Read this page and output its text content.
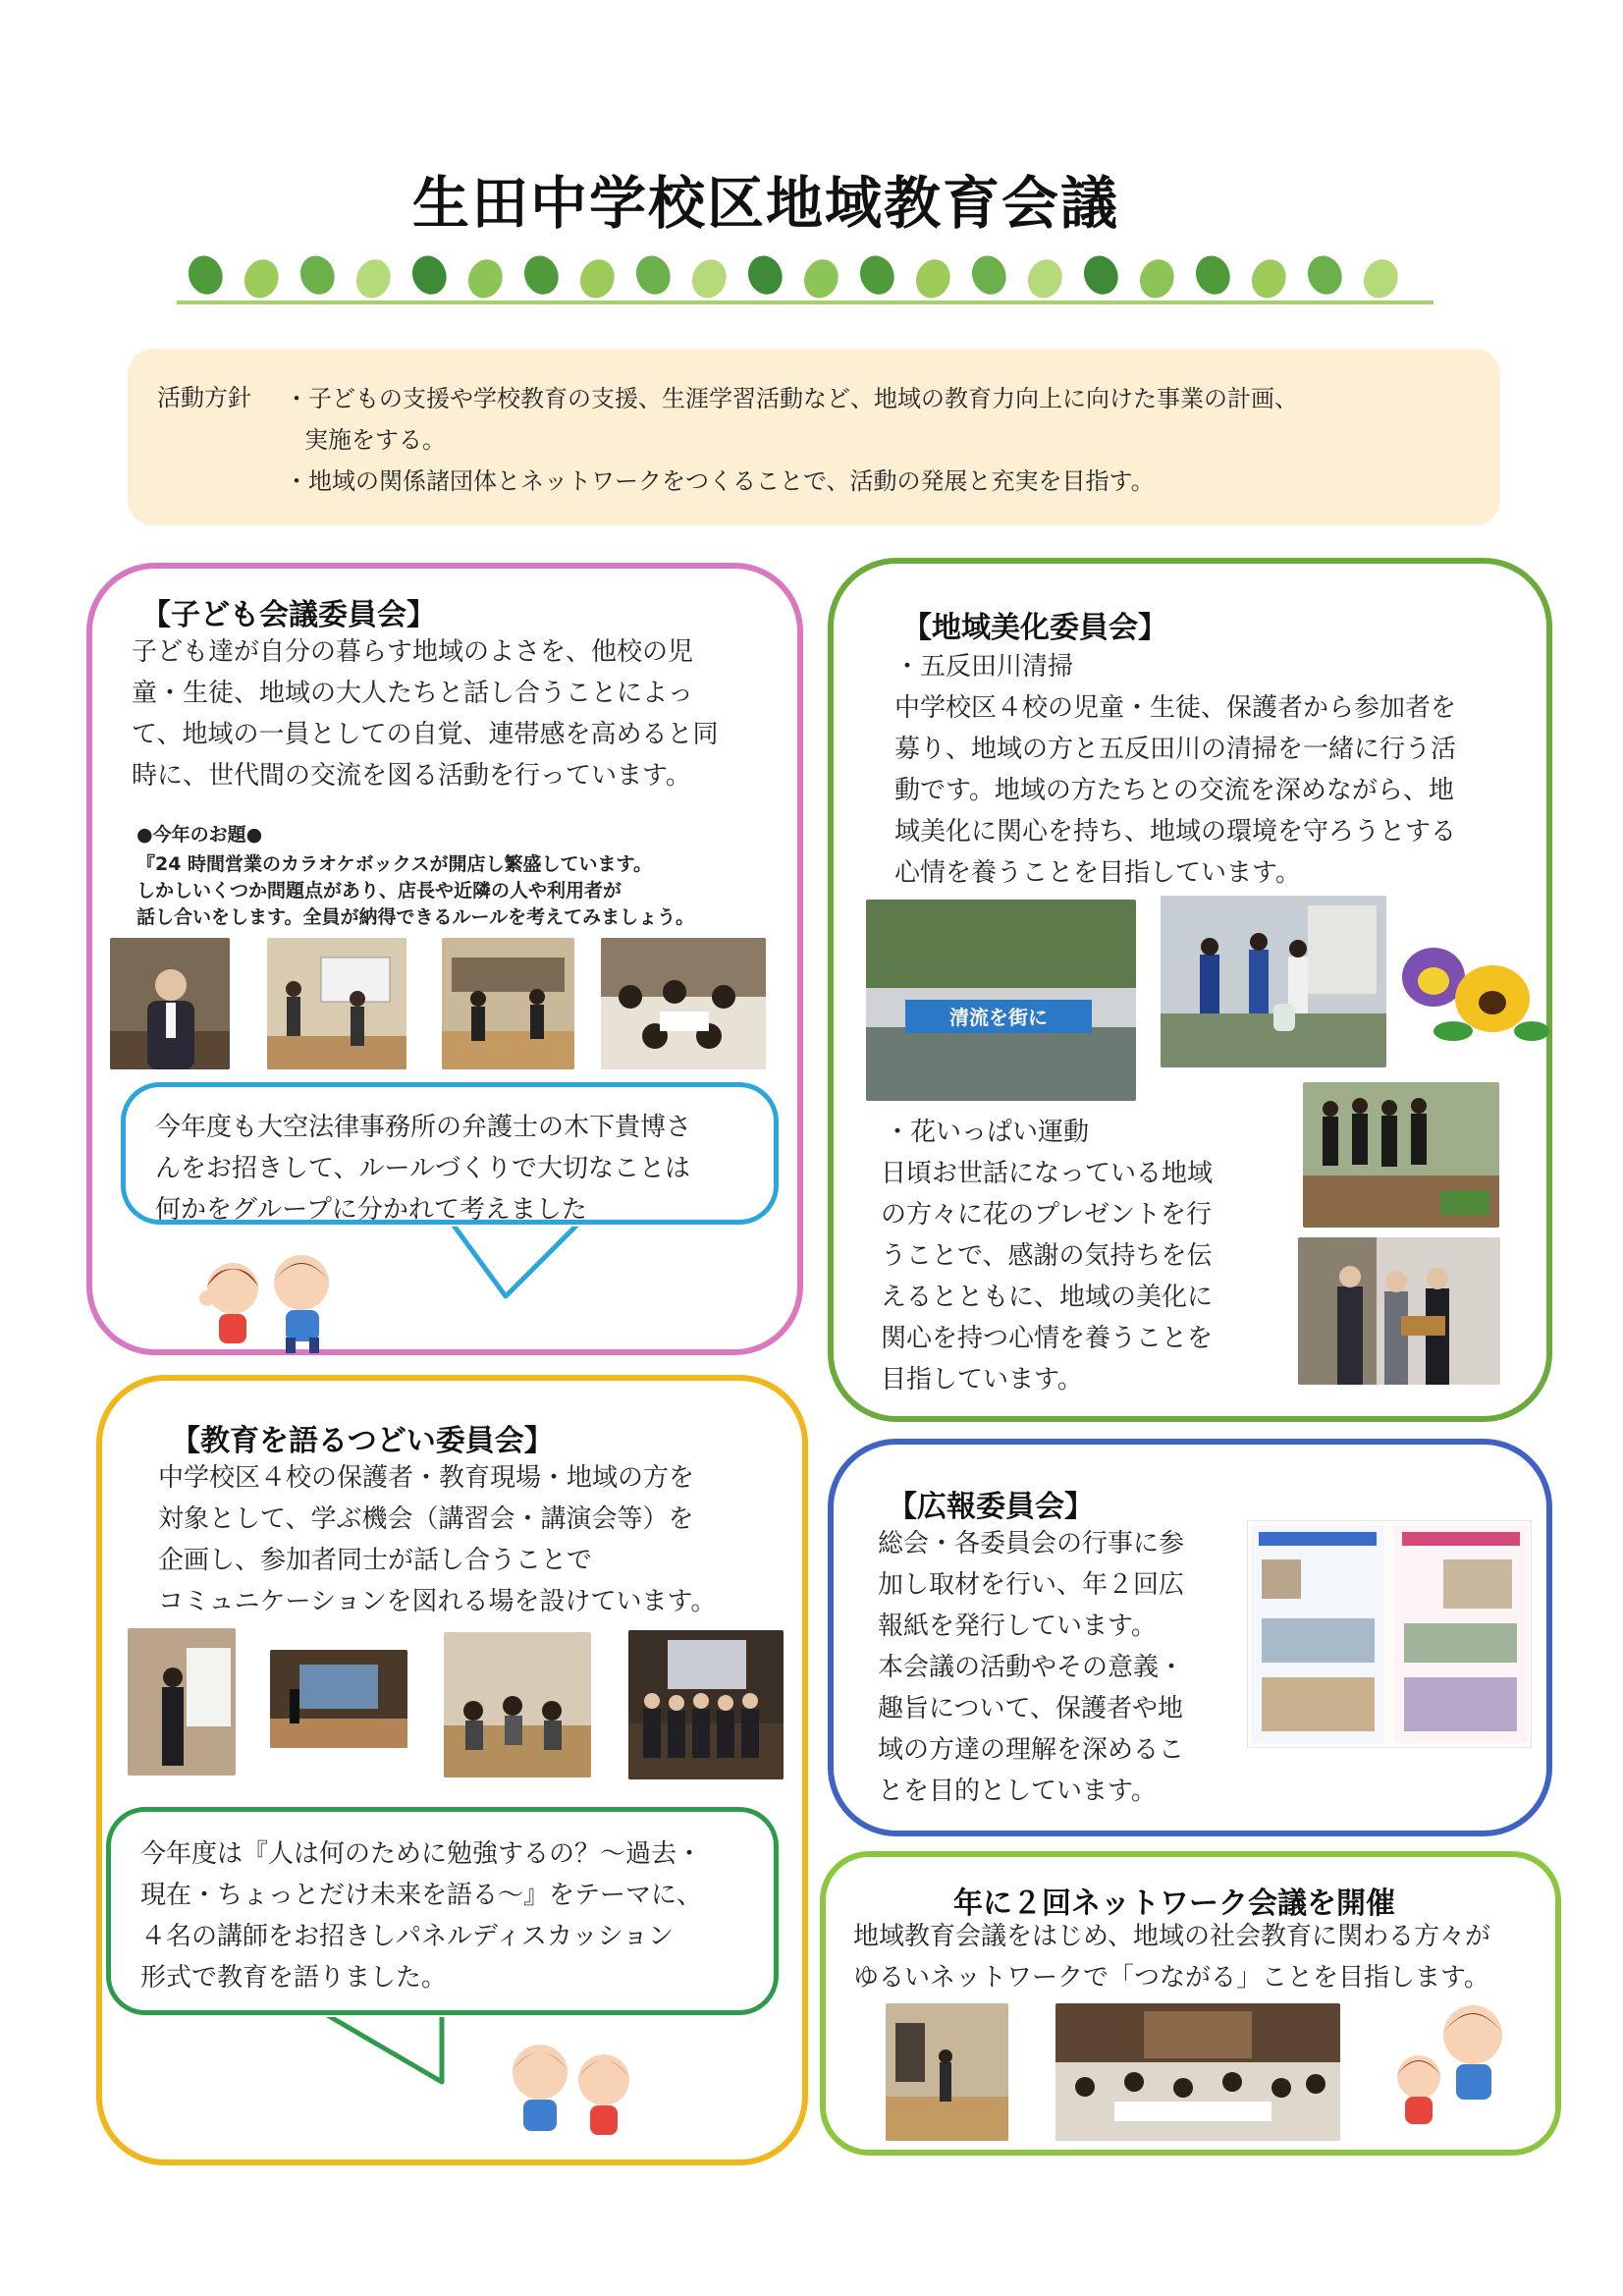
生田中学校区地域教育会議
活動方針 ・子どもの支援や学校教育の支援、生涯学習活動など、地域の教育力向上に向けた事業の計画、
実施をする。
・地域の関係諸団体とネットワークをつくることで、活動の発展と充実を目指す。
【子ども会議委員会】
子ども達が自分の暮らす地域のよさを、他校の児
童・生徒、地域の大人たちと話し合うことによっ
て、地域の一員としての自覚、連帯感を高めると同
時に、世代間の交流を図る活動を行っています。
●今年のお題●
『24 時間営業のカラオケボックスが開店し繁盛しています。
しかしいくつか問題点があり、店長や近隣の人や利用者が
話し合いをします。全員が納得できるルールを考えてみましょう。
今年度も大空法律事務所の弁護士の木下貴博さ
んをお招きして、ルールづくりで大切なことは
何かをグループに分かれて考えました
【地域美化委員会】
・五反田川清掃
中学校区４校の児童・生徒、保護者から参加者を
募り、地域の方と五反田川の清掃を一緒に行う活
動です。地域の方たちとの交流を深めながら、地
域美化に関心を持ち、地域の環境を守ろうとする
心情を養うことを目指しています。
・花いっぱい運動
日頃お世話になっている地域
の方々に花のプレゼントを行
うことで、感謝の気持ちを伝
えるとともに、地域の美化に
関心を持つ心情を養うことを
目指しています。
清流を街に
【教育を語るつどい委員会】
中学校区４校の保護者・教育現場・地域の方を
対象として、学ぶ機会（講習会・講演会等）を
企画し、参加者同士が話し合うことで
コミュニケーションを図れる場を設けています。
今年度は『人は何のために勉強するの？～過去・
現在・ちょっとだけ未来を語る～』をテーマに、
４名の講師をお招きしパネルディスカッション
形式で教育を語りました。
【広報委員会】
総会・各委員会の行事に参
加し取材を行い、年２回広
報紙を発行しています。
本会議の活動やその意義・
趣旨について、保護者や地
域の方達の理解を深めるこ
とを目的としています。
年に２回ネットワーク会議を開催
地域教育会議をはじめ、地域の社会教育に関わる方々が
ゆるいネットワークで「つながる」ことを目指します。
